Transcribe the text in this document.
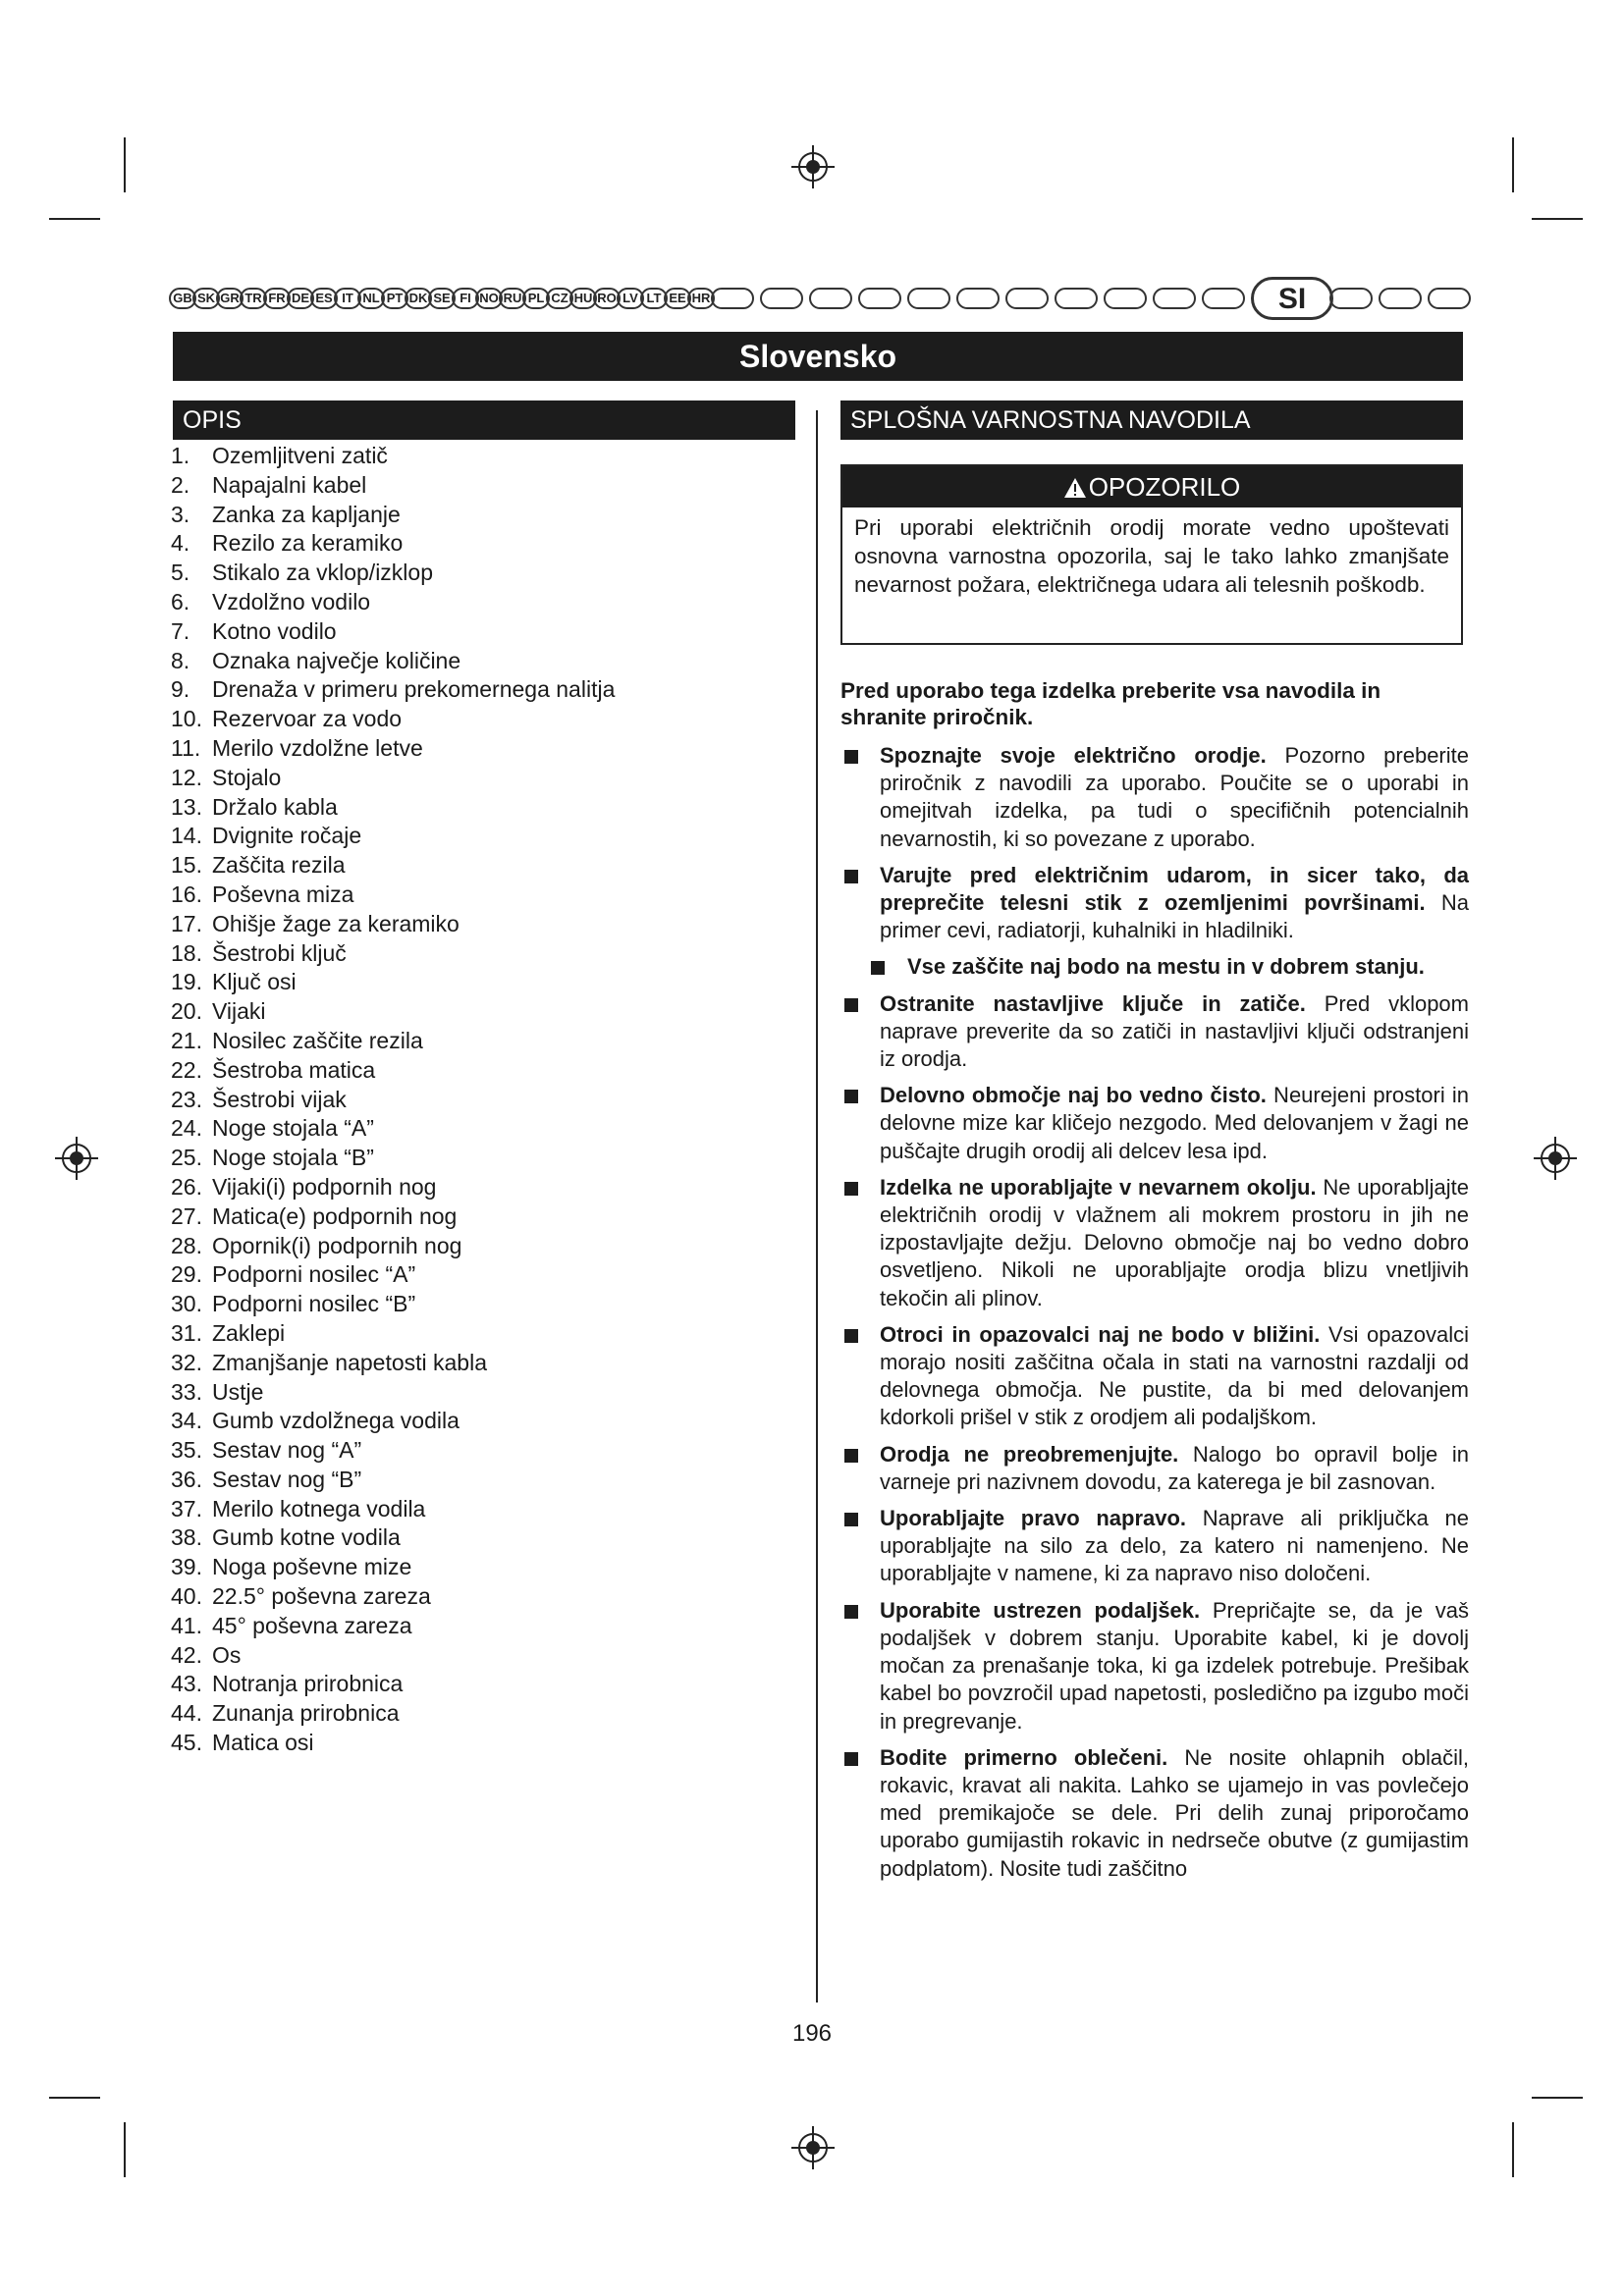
GB SK GR TR FR DE ES IT NL PT DK SE FI NO RU PL CZ HU RO LV LT EE HR	SI
Slovensko
OPIS
1. Ozemljitveni zatič
2. Napajalni kabel
3. Zanka za kapljanje
4. Rezilo za keramiko
5. Stikalo za vklop/izklop
6. Vzdolžno vodilo
7. Kotno vodilo
8. Oznaka največje količine
9. Drenaža v primeru prekomernega nalitja
10. Rezervoar za vodo
11. Merilo vzdolžne letve
12. Stojalo
13. Držalo kabla
14. Dvignite ročaje
15. Zaščita rezila
16. Poševna miza
17. Ohišje žage za keramiko
18. Šestrobi ključ
19. Ključ osi
20. Vijaki
21. Nosilec zaščite rezila
22. Šestroba matica
23. Šestrobi vijak
24. Noge stojala “A”
25. Noge stojala “B”
26. Vijaki(i) podpornih nog
27. Matica(e) podpornih nog
28. Opornik(i) podpornih nog
29. Podporni nosilec “A”
30. Podporni nosilec “B”
31. Zaklepi
32. Zmanjšanje napetosti kabla
33. Ustje
34. Gumb vzdolžnega vodila
35. Sestav nog “A”
36. Sestav nog “B”
37. Merilo kotnega vodila
38. Gumb kotne vodila
39. Noga poševne mize
40. 22.5° poševna zareza
41. 45° poševna zareza
42. Os
43. Notranja prirobnica
44. Zunanja prirobnica
45. Matica osi
SPLOŠNA VARNOSTNA NAVODILA
OPOZORILO
Pri uporabi električnih orodij morate vedno upoštevati osnovna varnostna opozorila, saj le tako lahko zmanjšate nevarnost požara, električnega udara ali telesnih poškodb.
Pred uporabo tega izdelka preberite vsa navodila in shranite priročnik.
Spoznajte svoje električno orodje. Pozorno preberite priročnik z navodili za uporabo. Poučite se o uporabi in omejitvah izdelka, pa tudi o specifičnih potencialnih nevarnostih, ki so povezane z uporabo.
Varujte pred električnim udarom, in sicer tako, da preprečite telesni stik z ozemljenimi površinami. Na primer cevi, radiatorji, kuhalniki in hladilniki.
Vse zaščite naj bodo na mestu in v dobrem stanju.
Ostranite nastavljive ključe in zatiče. Pred vklopom naprave preverite da so zatiči in nastavljivi ključi odstranjeni iz orodja.
Delovno območje naj bo vedno čisto. Neurejeni prostori in delovne mize kar kličejo nezgodo. Med delovanjem v žagi ne puščajte drugih orodij ali delcev lesa ipd.
Izdelka ne uporabljajte v nevarnem okolju. Ne uporabljajte električnih orodij v vlažnem ali mokrem prostoru in jih ne izpostavljajte dežju. Delovno območje naj bo vedno dobro osvetljeno. Nikoli ne uporabljajte orodja blizu vnetljivih tekočin ali plinov.
Otroci in opazovalci naj ne bodo v bližini. Vsi opazovalci morajo nositi zaščitna očala in stati na varnostni razdalji od delovnega območja. Ne pustite, da bi med delovanjem kdorkoli prišel v stik z orodjem ali podaljškom.
Orodja ne preobremenjujte. Nalogo bo opravil bolje in varneje pri nazivnem dovodu, za katerega je bil zasnovan.
Uporabljajte pravo napravo. Naprave ali priključka ne uporabljajte na silo za delo, za katero ni namenjeno. Ne uporabljajte v namene, ki za napravo niso določeni.
Uporabite ustrezen podaljšek. Prepričajte se, da je vaš podaljšek v dobrem stanju. Uporabite kabel, ki je dovolj močan za prenašanje toka, ki ga izdelek potrebuje. Prešibak kabel bo povzročil upad napetosti, posledično pa izgubo moči in pregrevanje.
Bodite primerno oblečeni. Ne nosite ohlapnih oblačil, rokavic, kravat ali nakita. Lahko se ujamejo in vas povlečejo med premikajoče se dele. Pri delih zunaj priporočamo uporabo gumijastih rokavic in nedrseče obutve (z gumijastim podplatom). Nosite tudi zaščitno
196
